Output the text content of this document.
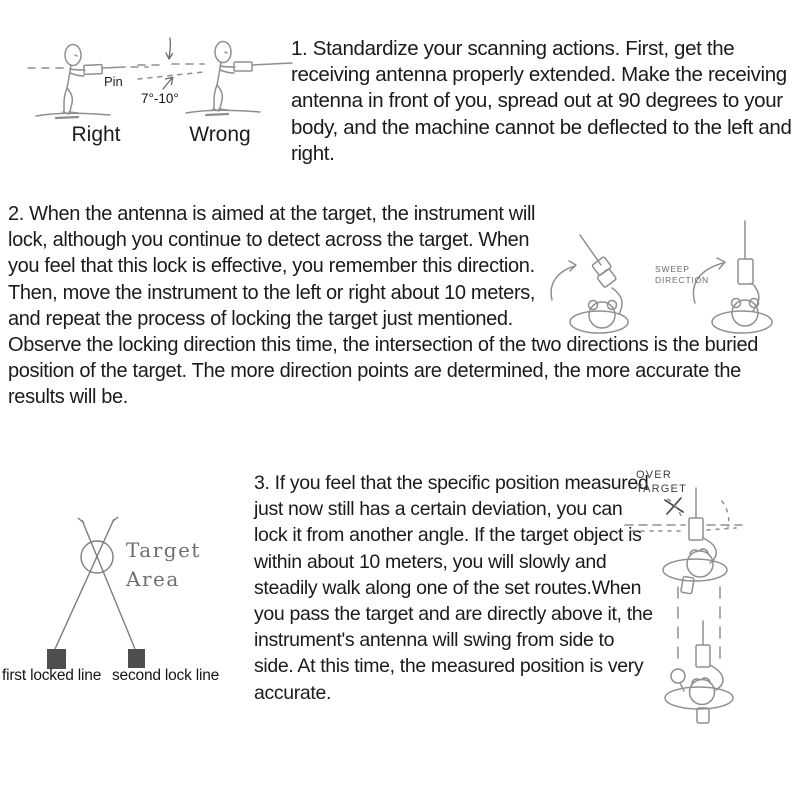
Pin
7°-10°
Right	Wrong
1. Standardize your scanning actions. First, get the receiving antenna properly extended. Make the receiving antenna in front of you, spread out at 90 degrees to your body, and the machine cannot be deflected to the left and right.
SWEEP
DIRECTION
2. When the antenna is aimed at the target, the instrument will lock, although you continue to detect across the target. When you feel that this lock is effective, you remember this direction. Then, move the instrument to the left or right about 10 meters, and repeat the process of locking the target just mentioned. Observe the locking direction this time, the intersection of the two directions is the buried position of the target. The more direction points are determined, the more accurate the results will be.
Target
Area
first locked line second lock line
3. If you feel that the specific position measured just now still has a certain deviation, you can lock it from another angle. If the target object is within about 10 meters, you will slowly and steadily walk along one of the set routes.When you pass the target and are directly above it, the instrument's antenna will swing from side to side. At this time, the measured position is very accurate.
OVER
TARGET
